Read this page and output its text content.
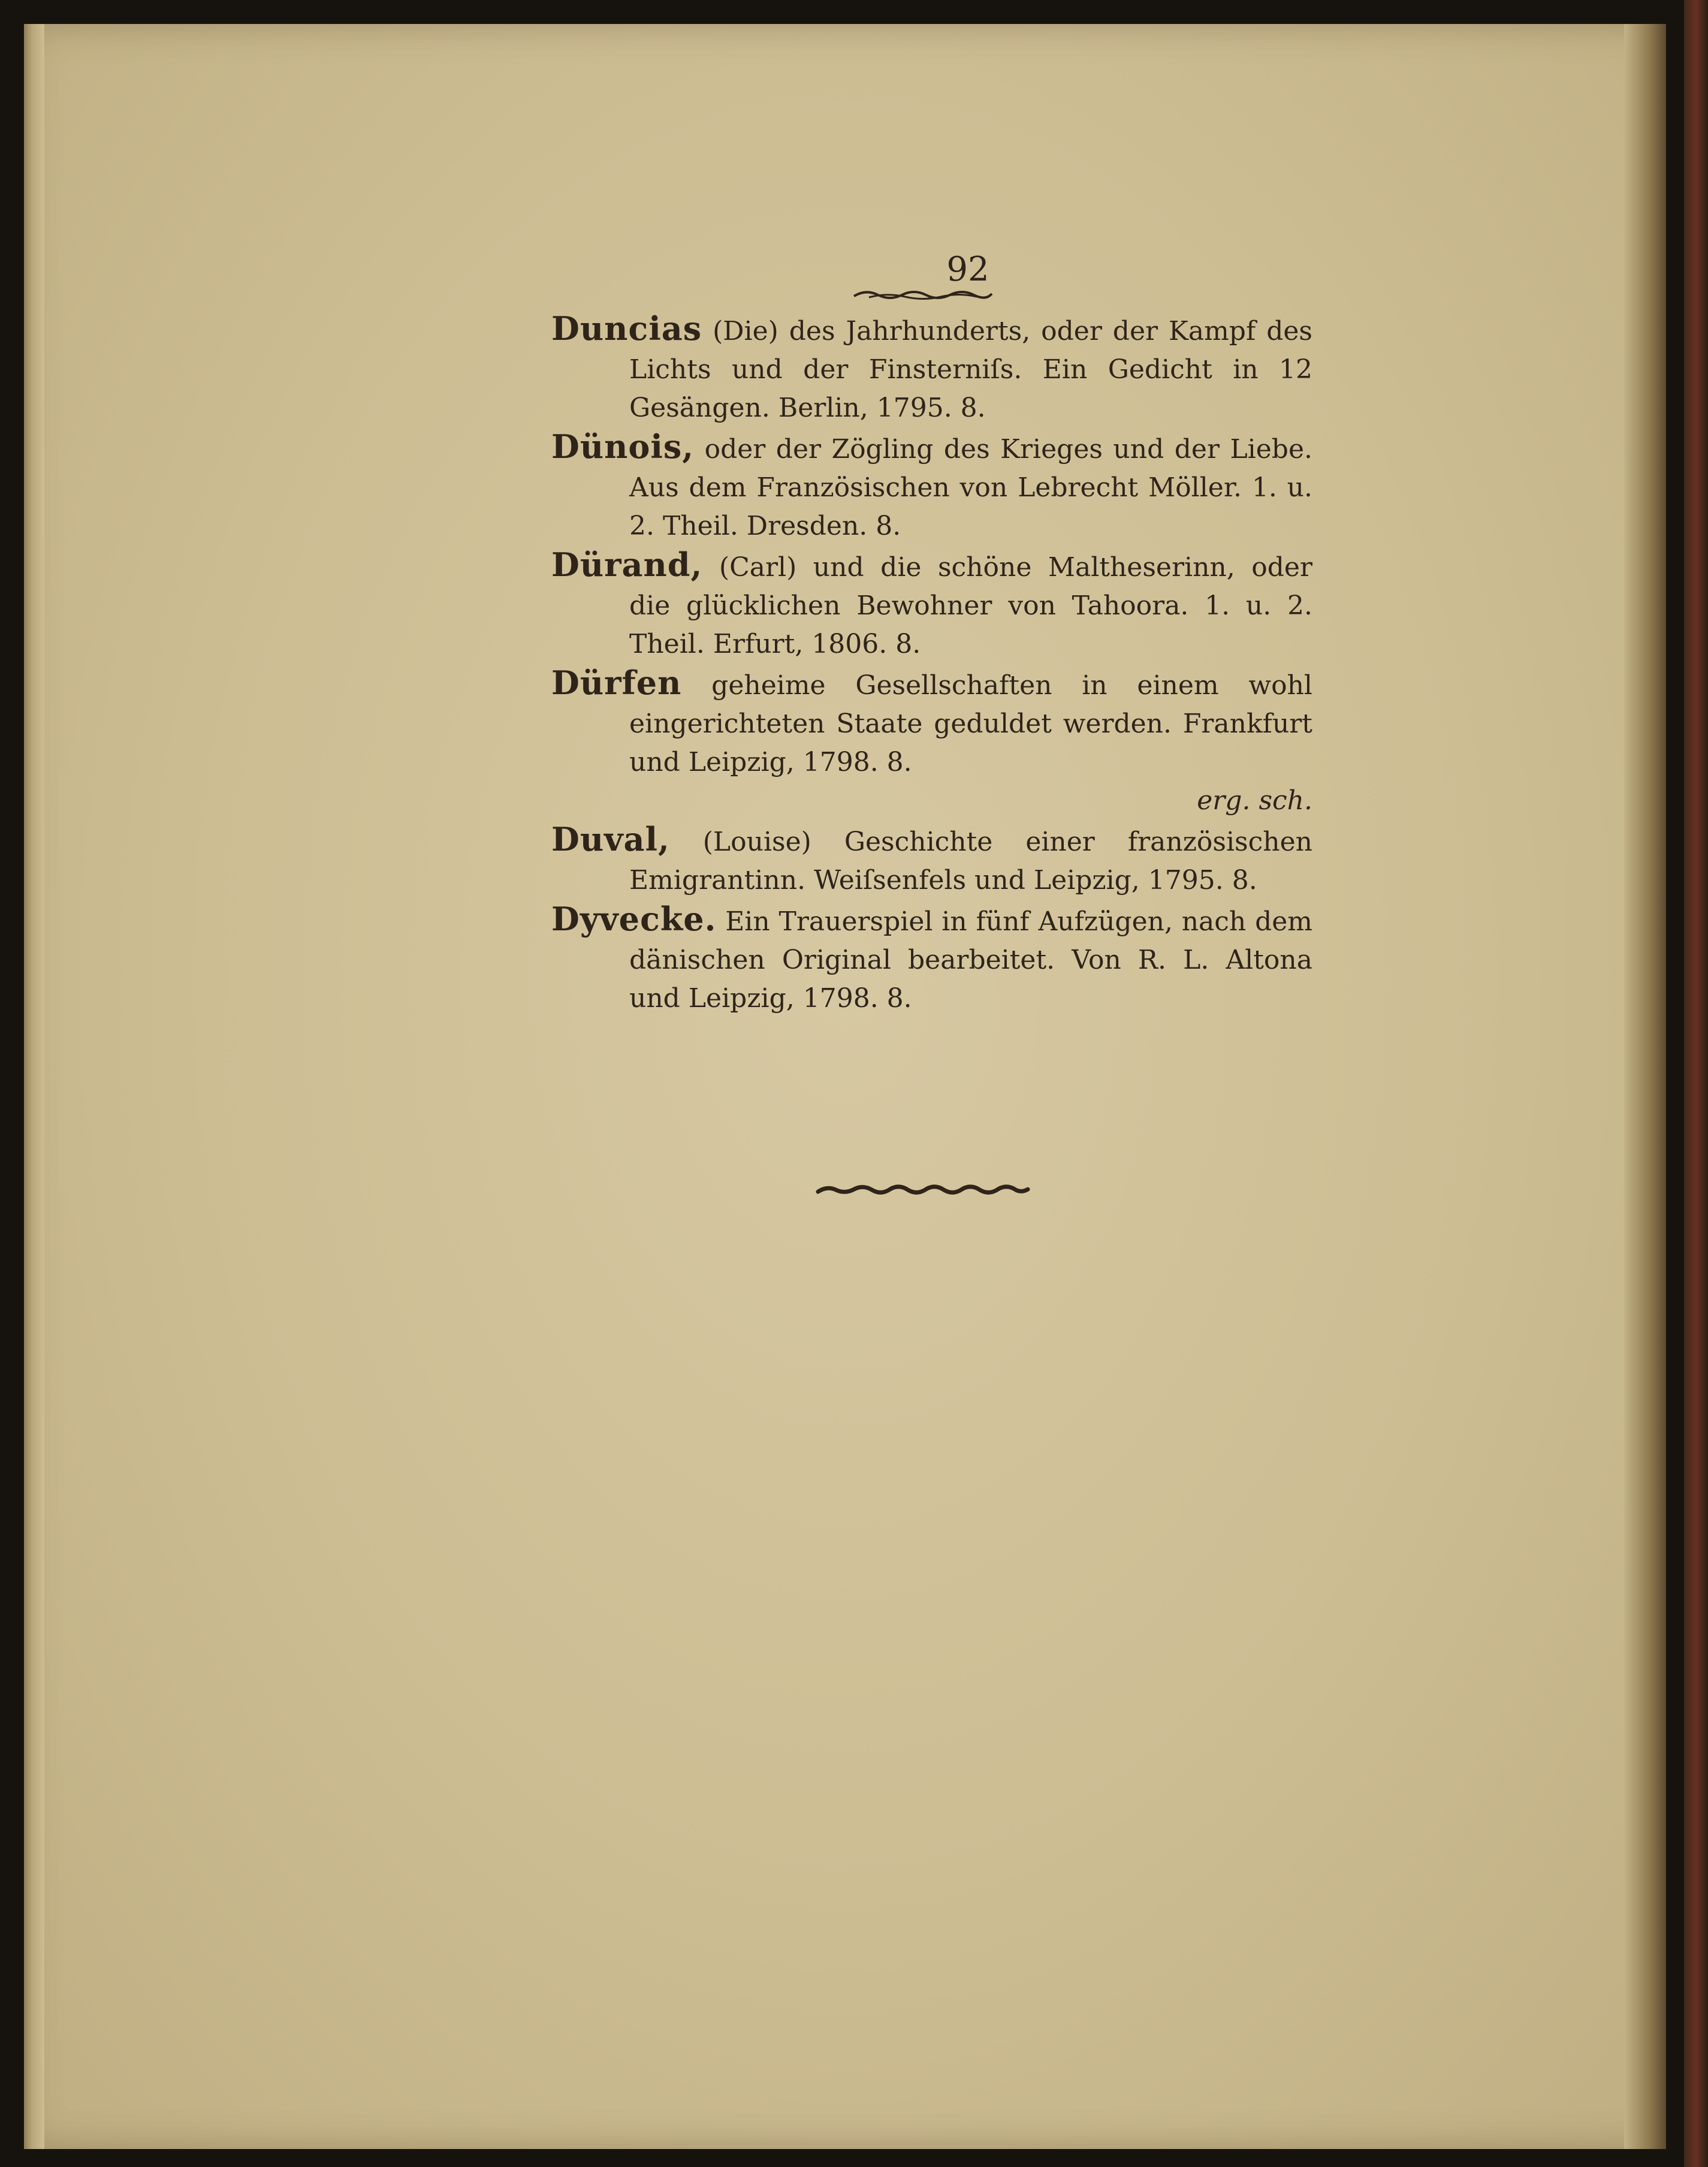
92

Duncias (Die) des Jahrhunderts, oder der Kampf des Lichts und der Finsterniſs. Ein Gedicht in 12 Gesängen. Berlin, 1795. 8.

Dünois, oder der Zögling des Krieges und der Liebe. Aus dem Französischen von Lebrecht Möller. 1. u. 2. Theil. Dresden. 8.

Dürand, (Carl) und die schöne Maltheserinn, oder die glücklichen Bewohner von Tahoora. 1. u. 2. Theil. Erfurt, 1806. 8.

Dürfen geheime Gesellschaften in einem wohl eingerichteten Staate geduldet werden. Frankfurt und Leipzig, 1798. 8.

erg. sch.

Duval, (Louise) Geschichte einer französischen Emigrantinn. Weiſsenfels und Leipzig, 1795. 8.

Dyvecke. Ein Trauerspiel in fünf Aufzügen, nach dem dänischen Original bearbeitet. Von R. L. Altona und Leipzig, 1798. 8.
